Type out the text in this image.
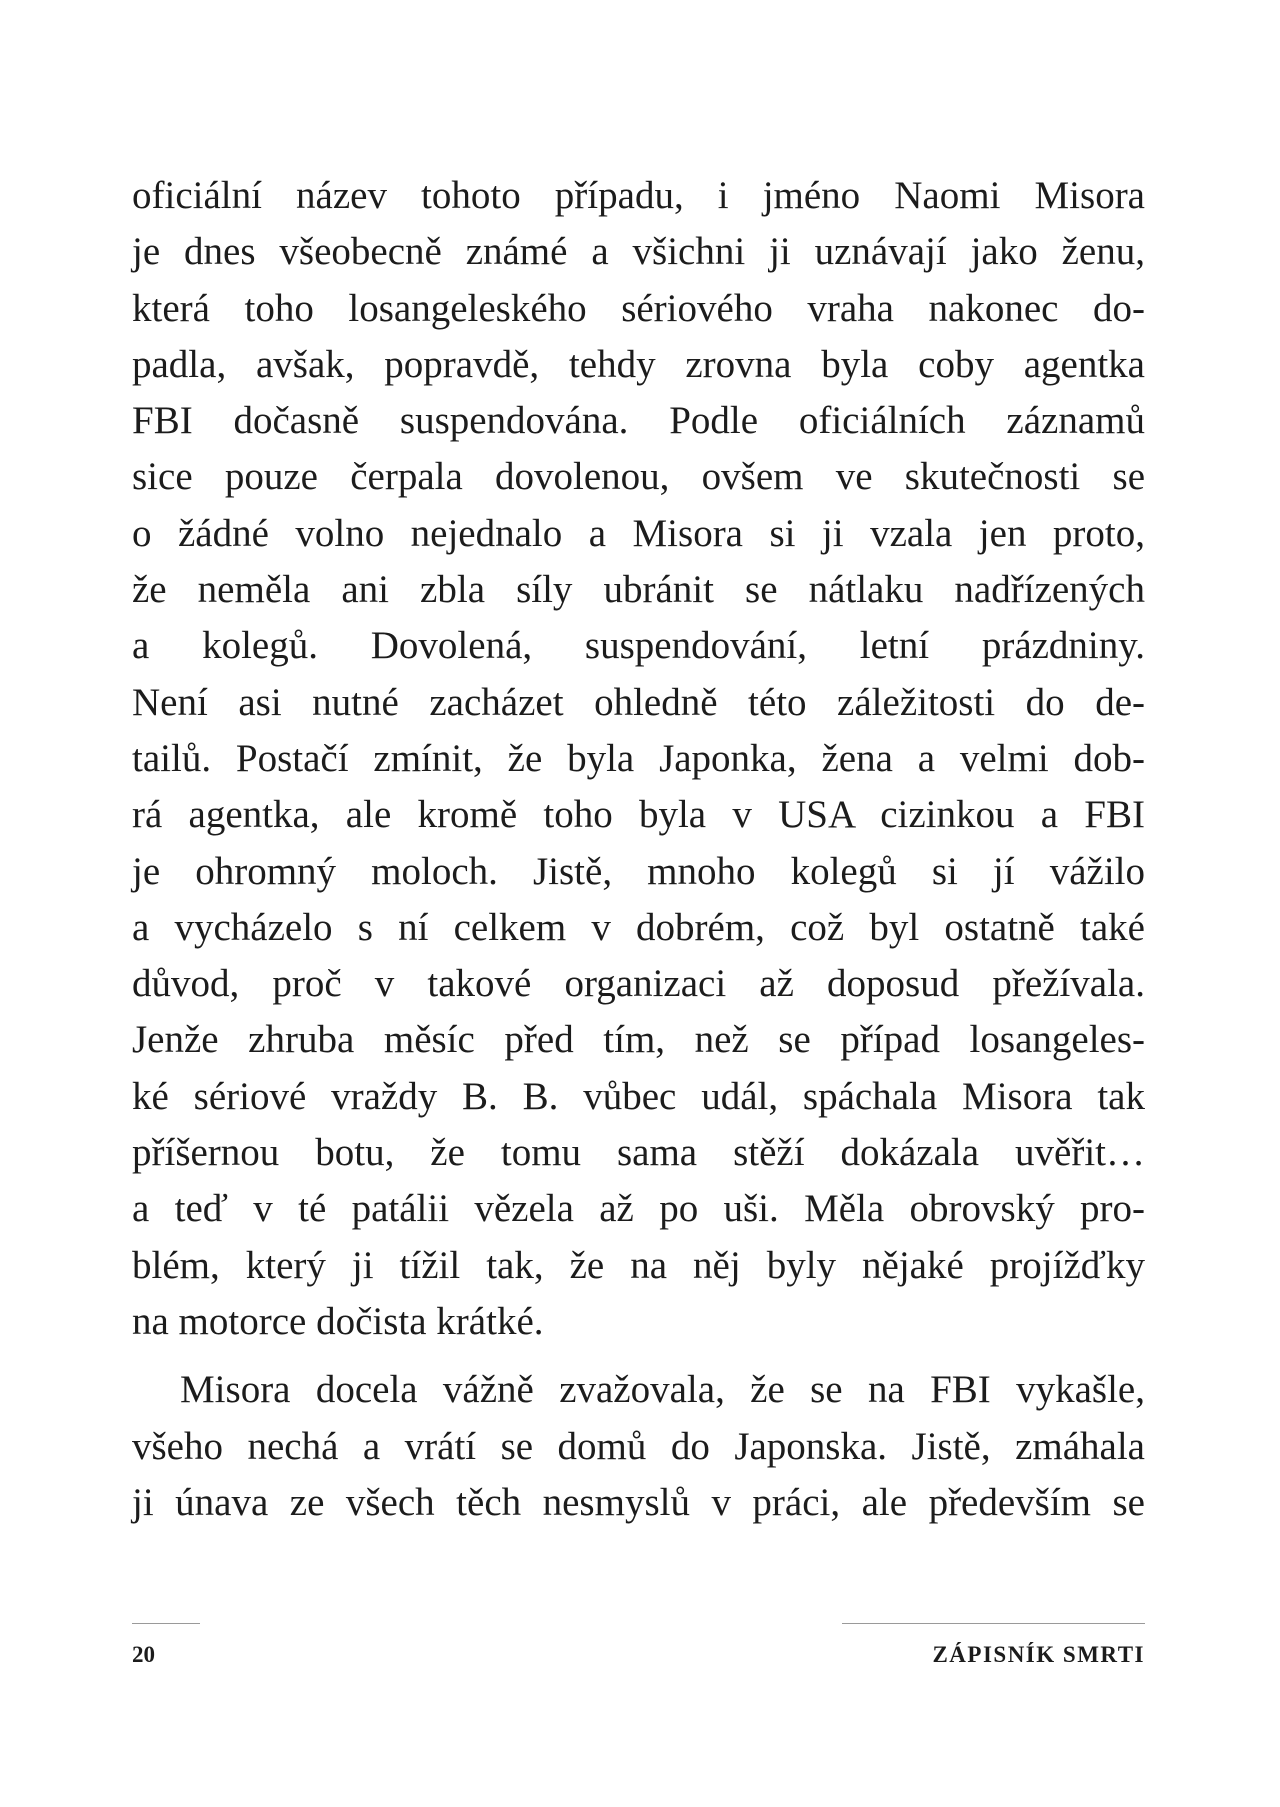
oficiální název tohoto případu, i jméno Naomi Misora
je dnes všeobecně známé a všichni ji uznávají jako ženu,
která toho losangeleského sériového vraha nakonec do-
padla, avšak, popravdě, tehdy zrovna byla coby agentka
FBI dočasně suspendována. Podle oficiálních záznamů
sice pouze čerpala dovolenou, ovšem ve skutečnosti se
o žádné volno nejednalo a Misora si ji vzala jen proto,
že neměla ani zbla síly ubránit se nátlaku nadřízených
a kolegů. Dovolená, suspendování, letní prázdniny.
Není asi nutné zacházet ohledně této záležitosti do de-
tailů. Postačí zmínit, že byla Japonka, žena a velmi dob-
rá agentka, ale kromě toho byla v USA cizinkou a FBI
je ohromný moloch. Jistě, mnoho kolegů si jí vážilo
a vycházelo s ní celkem v dobrém, což byl ostatně také
důvod, proč v takové organizaci až doposud přežívala.
Jenže zhruba měsíc před tím, než se případ losangeles-
ké sériové vraždy B. B. vůbec udál, spáchala Misora tak
příšernou botu, že tomu sama stěží dokázala uvěřit…
a teď v té patálii vězela až po uši. Měla obrovský pro-
blém, který ji tížil tak, že na něj byly nějaké projížďky
na motorce dočista krátké.
Misora docela vážně zvažovala, že se na FBI vykašle,
všeho nechá a vrátí se domů do Japonska. Jistě, zmáhala
ji únava ze všech těch nesmyslů v práci, ale především se
20	ZÁPISNÍK SMRTI
